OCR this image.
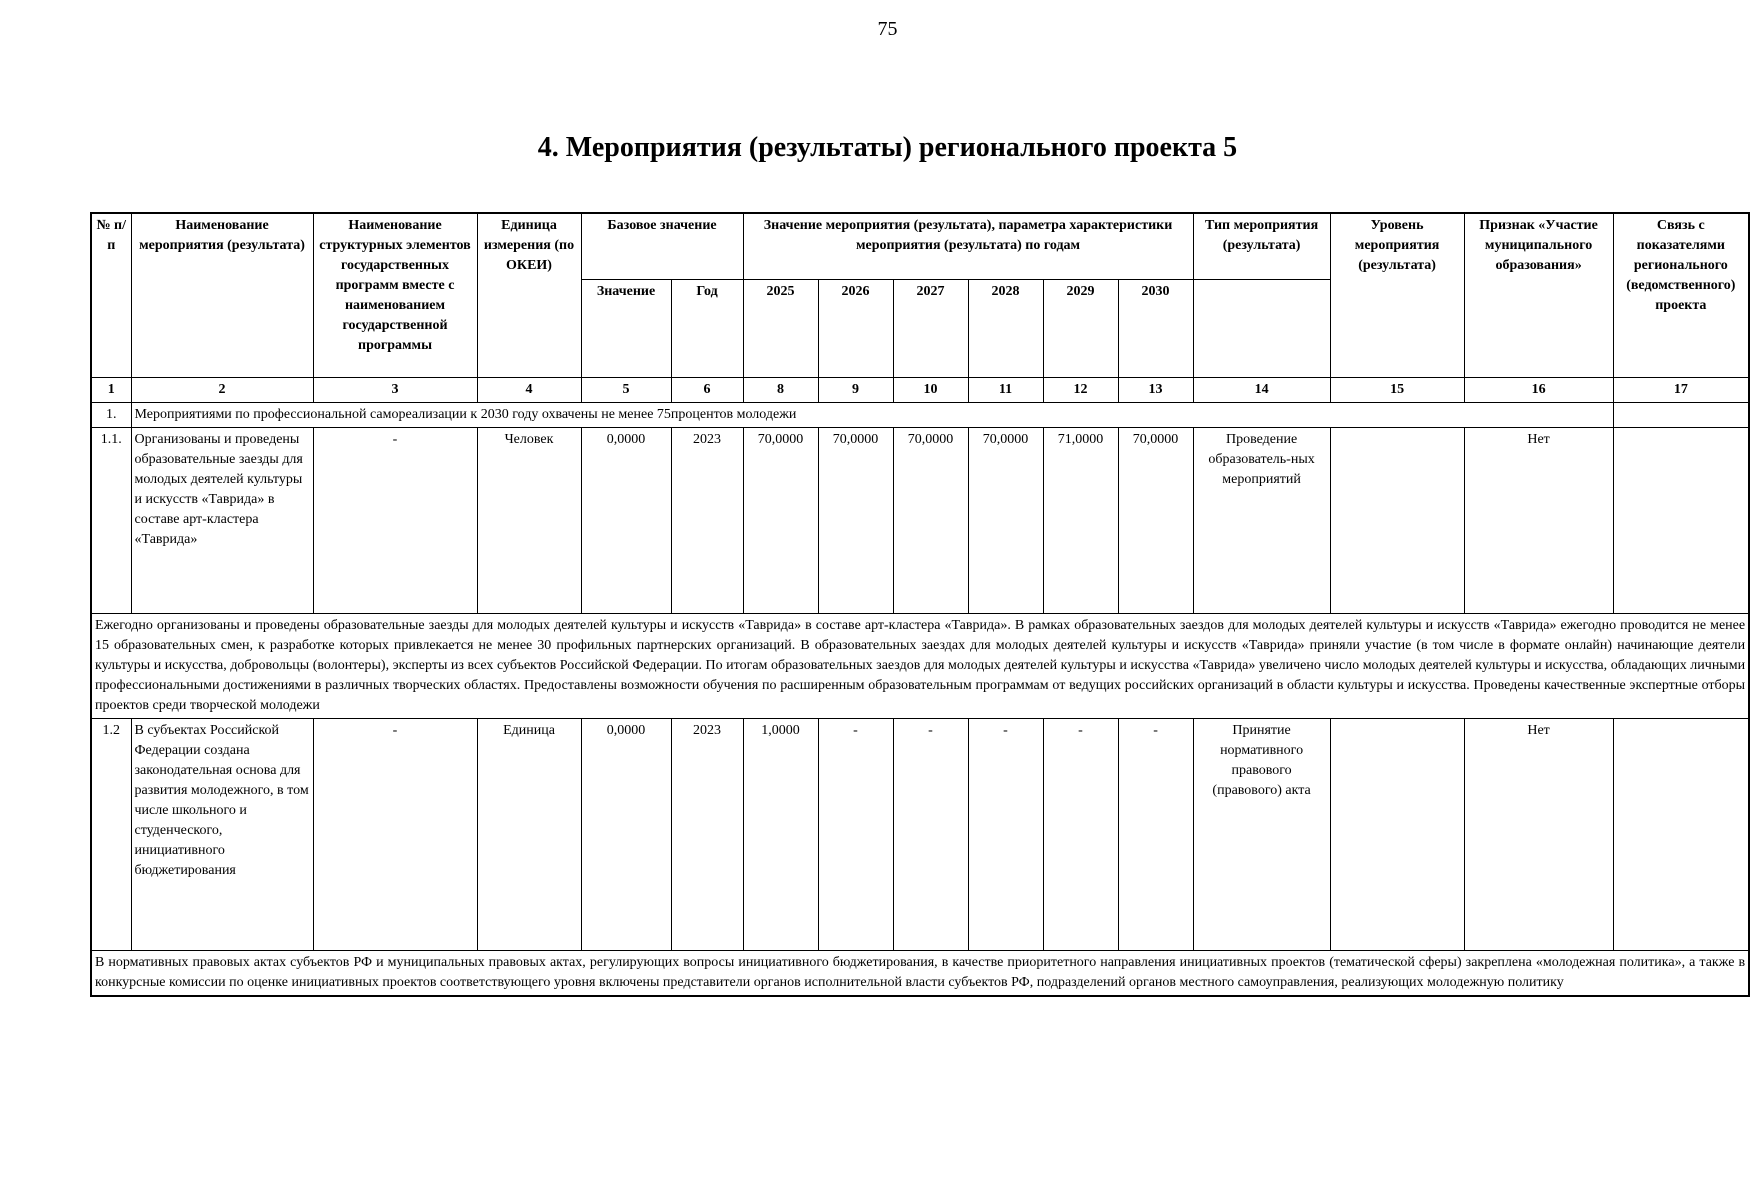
75
4. Мероприятия (результаты) регионального проекта 5
№ п/п	Наименование мероприятия (результата)	Наименование структурных элементов государственных программ вместе с наименованием государственной программы	Единица измерения (по ОКЕИ)	Базовое значение		Значение мероприятия (результата), параметра характеристики мероприятия (результата) по годам						Тип мероприятия (результата)	Уровень мероприятия (результата)	Признак «Участие муниципального образования»	Связь с показателями регионального (ведомственного) проекта
				Значение	Год	2025	2026	2027	2028	2029	2030				
1	2	3	4	5	6	8	9	10	11	12	13	14	15	16	17
1.	Мероприятиями по профессиональной самореализации к 2030 году охвачены не менее 75процентов молодежи														
1.1.	Организованы и проведены образовательные заезды для молодых деятелей культуры и искусств «Таврида» в составе арт-кластера «Таврида»	-	Человек	0,0000	2023	70,0000	70,0000	70,0000	70,0000	71,0000	70,0000	Проведение образователь-ных мероприятий		Нет	
Ежегодно организованы и проведены образовательные заезды для молодых деятелей культуры и искусств «Таврида» в составе арт-кластера «Таврида». В рамках образовательных заездов для молодых деятелей культуры и искусств «Таврида» ежегодно проводится не менее 15 образовательных смен, к разработке которых привлекается не менее 30 профильных партнерских организаций. В образовательных заездах для молодых деятелей культуры и искусств «Таврида» приняли участие (в том числе в формате онлайн) начинающие деятели культуры и искусства, добровольцы (волонтеры), эксперты из всех субъектов Российской Федерации. По итогам образовательных заездов для молодых деятелей культуры и искусства «Таврида» увеличено число молодых деятелей культуры и искусства, обладающих личными профессиональными достижениями в различных творческих областях. Предоставлены возможности обучения по расширенным образовательным программам от ведущих российских организаций в области культуры и искусства. Проведены качественные экспертные отборы проектов среди творческой молодежи															
1.2	В субъектах Российской Федерации создана законодательная основа для развития молодежного, в том числе школьного и студенческого, инициативного бюджетирования	-	Единица	0,0000	2023	1,0000	-	-	-	-	-	Принятие нормативного правового (правового) акта		Нет	
В нормативных правовых актах субъектов РФ и муниципальных правовых актах, регулирующих вопросы инициативного бюджетирования, в качестве приоритетного направления инициативных проектов (тематической сферы) закреплена «молодежная политика», а также в конкурсные комиссии по оценке инициативных проектов соответствующего уровня включены представители органов исполнительной власти субъектов РФ, подразделений органов местного самоуправления, реализующих молодежную политику															
